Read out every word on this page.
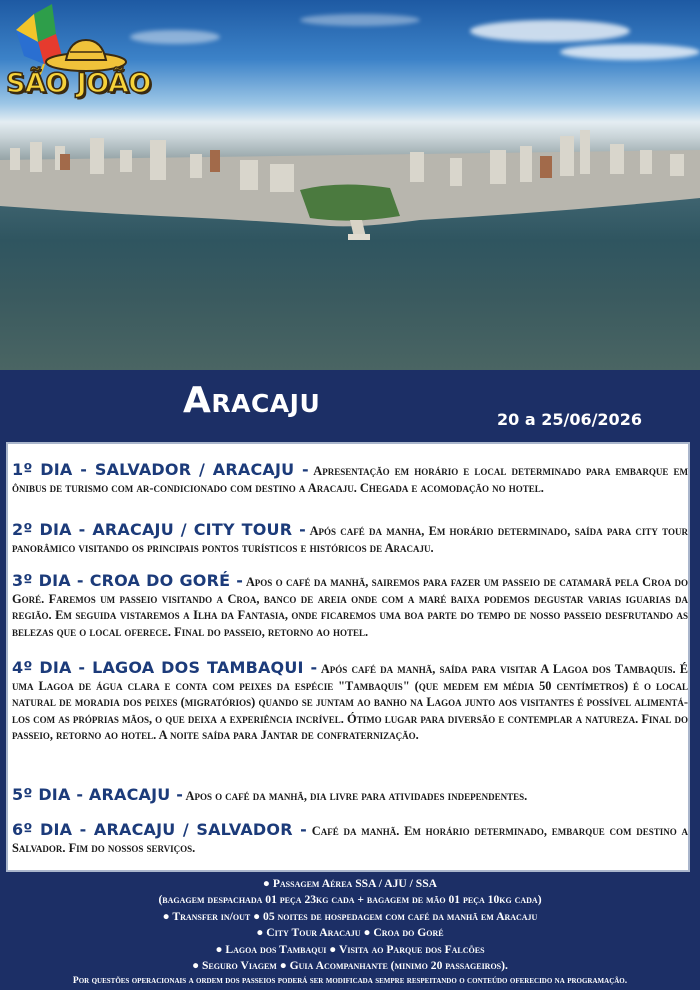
SÃO JOÃO
Aracaju	20 a 25/06/2026
1º DIA - SALVADOR / ARACAJU - Apresentação em horário e local determinado para embarque em ônibus de turismo com ar-condicionado com destino a Aracaju. Chegada e acomodação no hotel.
2º DIA - ARACAJU / CITY TOUR - Após café da manha, Em horário determinado, saída para city tour panorâmico visitando os principais pontos turísticos e históricos de Aracaju.
3º DIA - CROA DO GORÉ - Apos o café da manhã, sairemos para fazer um passeio de catamarã pela Croa do Goré. Faremos um passeio visitando a Croa, banco de areia onde com a maré baixa podemos degustar varias iguarias da região. Em seguida vistaremos a Ilha da Fantasia, onde ficaremos uma boa parte do tempo de nosso passeio desfrutando as belezas que o local oferece. Final do passeio, retorno ao hotel.
4º DIA - LAGOA DOS TAMBAQUI - Após café da manhã, saída para visitar A Lagoa dos Tambaquis. É uma Lagoa de água clara e conta com peixes da espécie "Tambaquis" (que medem em média 50 centímetros) é o local natural de moradia dos peixes (migratórios) quando se juntam ao banho na Lagoa junto aos visitantes é possível alimentá-los com as próprias mãos, o que deixa a experiência incrível. Ótimo lugar para diversão e contemplar a natureza. Final do passeio, retorno ao hotel. A noite saída para Jantar de confraternização.
5º DIA - ARACAJU - Apos o café da manhã, dia livre para atividades independentes.
6º DIA - ARACAJU / SALVADOR - Café da manhã. Em horário determinado, embarque com destino a Salvador. Fim do nossos serviços.
● Passagem Aérea SSA / AJU / SSA
(bagagem despachada 01 peça 23kg cada + bagagem de mão 01 peça 10kg cada)
● Transfer in/out ● 05 noites de hospedagem com café da manhã em Aracaju
● City Tour Aracaju ● Croa do Goré
● Lagoa dos Tambaqui ● Visita ao Parque dos Falcões
● Seguro Viagem ● Guia Acompanhante (minimo 20 passageiros).
Por questões operacionais a ordem dos passeios poderá ser modificada sempre respeitando o conteúdo oferecido na programação.
